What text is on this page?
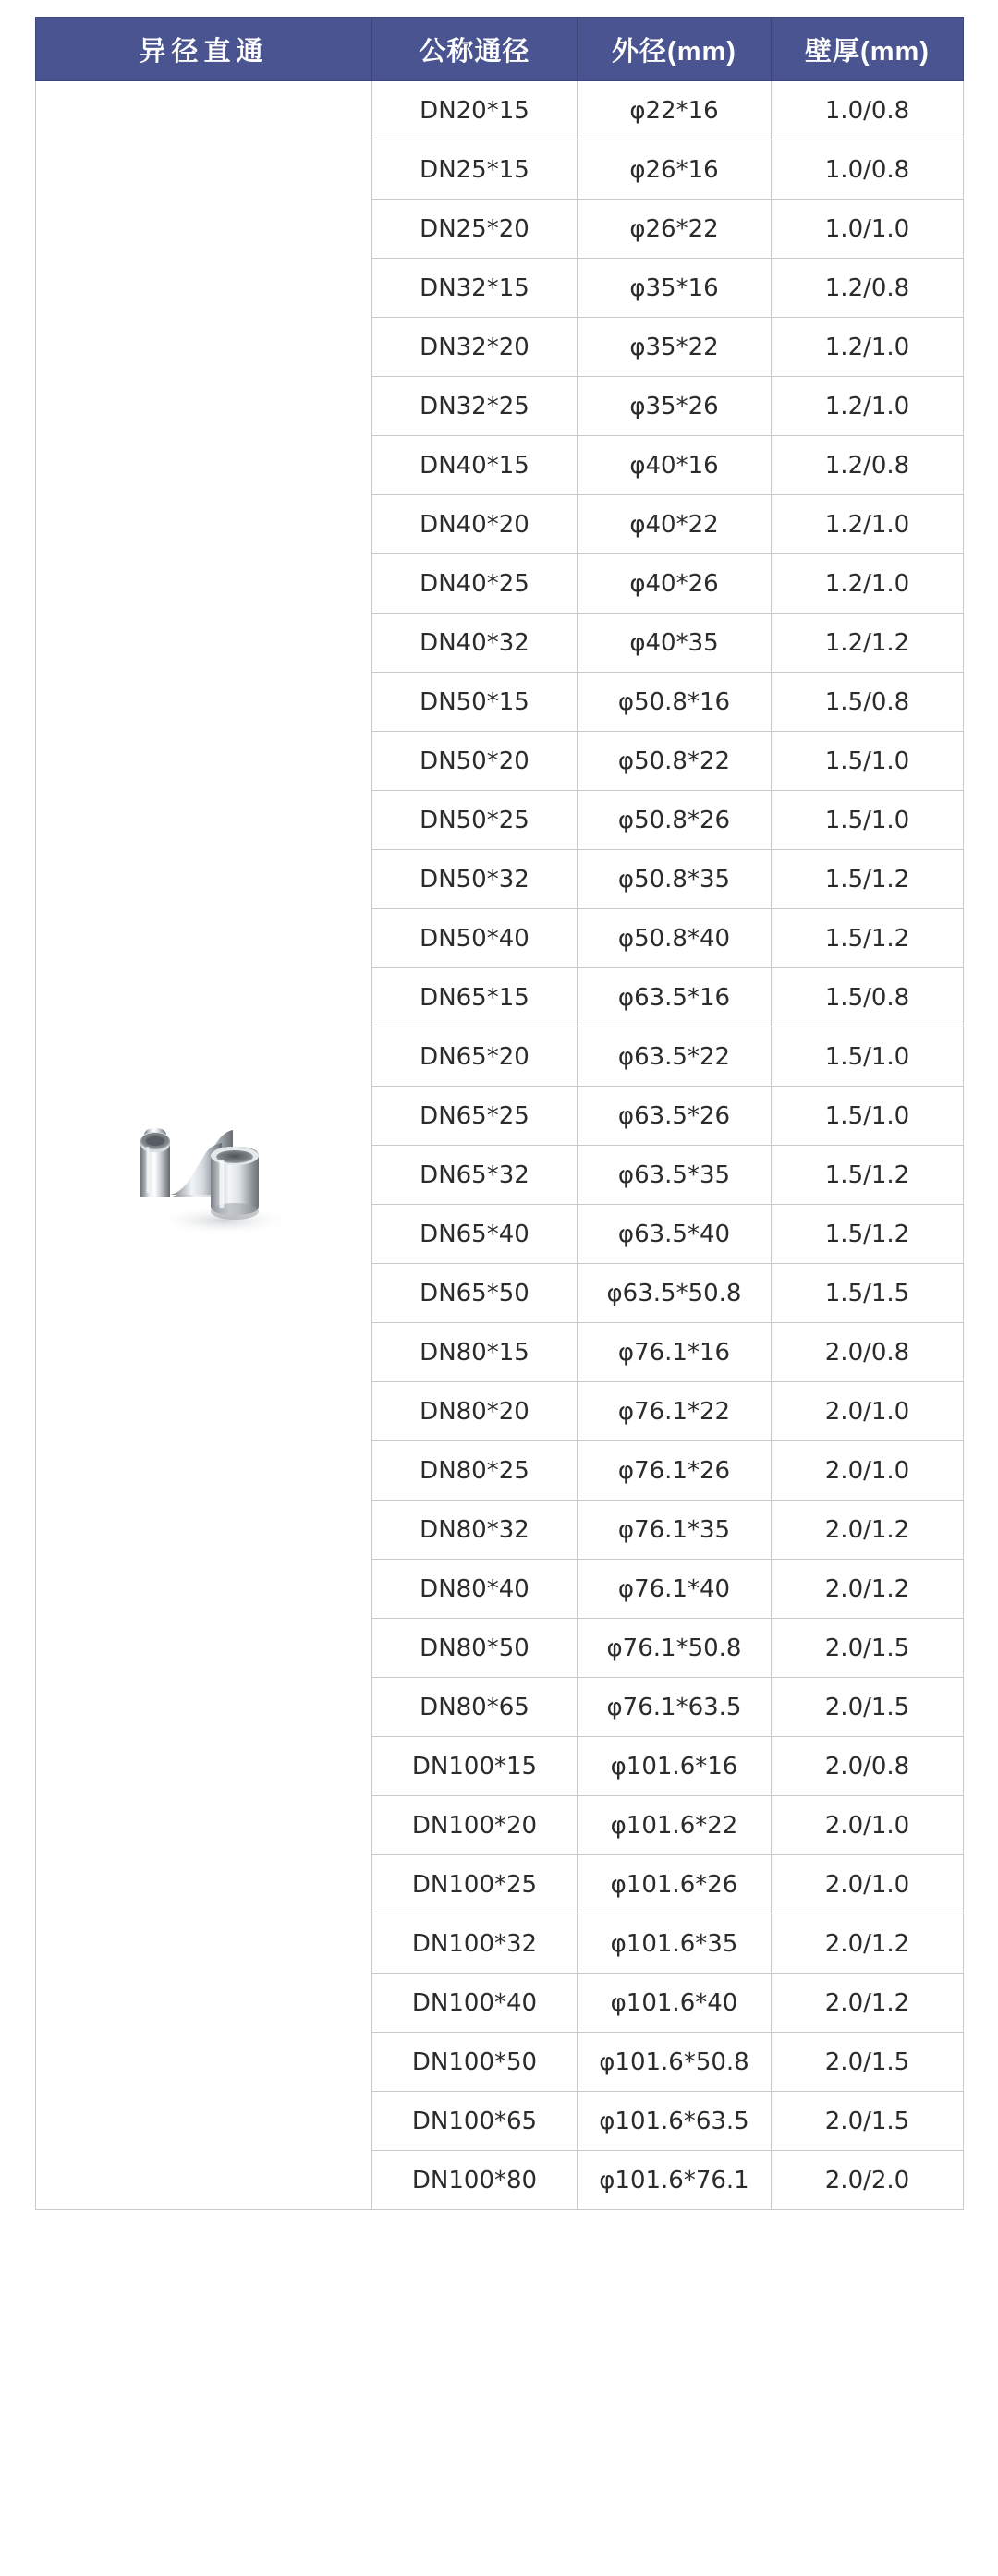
异径直通	公称通径	外径(mm)	壁厚(mm)

	DN20*15	φ22*16	1.0/0.8
	DN25*15	φ26*16	1.0/0.8
	DN25*20	φ26*22	1.0/1.0
	DN32*15	φ35*16	1.2/0.8
	DN32*20	φ35*22	1.2/1.0
	DN32*25	φ35*26	1.2/1.0
	DN40*15	φ40*16	1.2/0.8
	DN40*20	φ40*22	1.2/1.0
	DN40*25	φ40*26	1.2/1.0
	DN40*32	φ40*35	1.2/1.2
	DN50*15	φ50.8*16	1.5/0.8
	DN50*20	φ50.8*22	1.5/1.0
	DN50*25	φ50.8*26	1.5/1.0
	DN50*32	φ50.8*35	1.5/1.2
	DN50*40	φ50.8*40	1.5/1.2
	DN65*15	φ63.5*16	1.5/0.8
	DN65*20	φ63.5*22	1.5/1.0
	DN65*25	φ63.5*26	1.5/1.0
	DN65*32	φ63.5*35	1.5/1.2
	DN65*40	φ63.5*40	1.5/1.2
	DN65*50	φ63.5*50.8	1.5/1.5
	DN80*15	φ76.1*16	2.0/0.8
	DN80*20	φ76.1*22	2.0/1.0
	DN80*25	φ76.1*26	2.0/1.0
	DN80*32	φ76.1*35	2.0/1.2
	DN80*40	φ76.1*40	2.0/1.2
	DN80*50	φ76.1*50.8	2.0/1.5
	DN80*65	φ76.1*63.5	2.0/1.5
	DN100*15	φ101.6*16	2.0/0.8
	DN100*20	φ101.6*22	2.0/1.0
	DN100*25	φ101.6*26	2.0/1.0
	DN100*32	φ101.6*35	2.0/1.2
	DN100*40	φ101.6*40	2.0/1.2
	DN100*50	φ101.6*50.8	2.0/1.5
	DN100*65	φ101.6*63.5	2.0/1.5
	DN100*80	φ101.6*76.1	2.0/2.0
